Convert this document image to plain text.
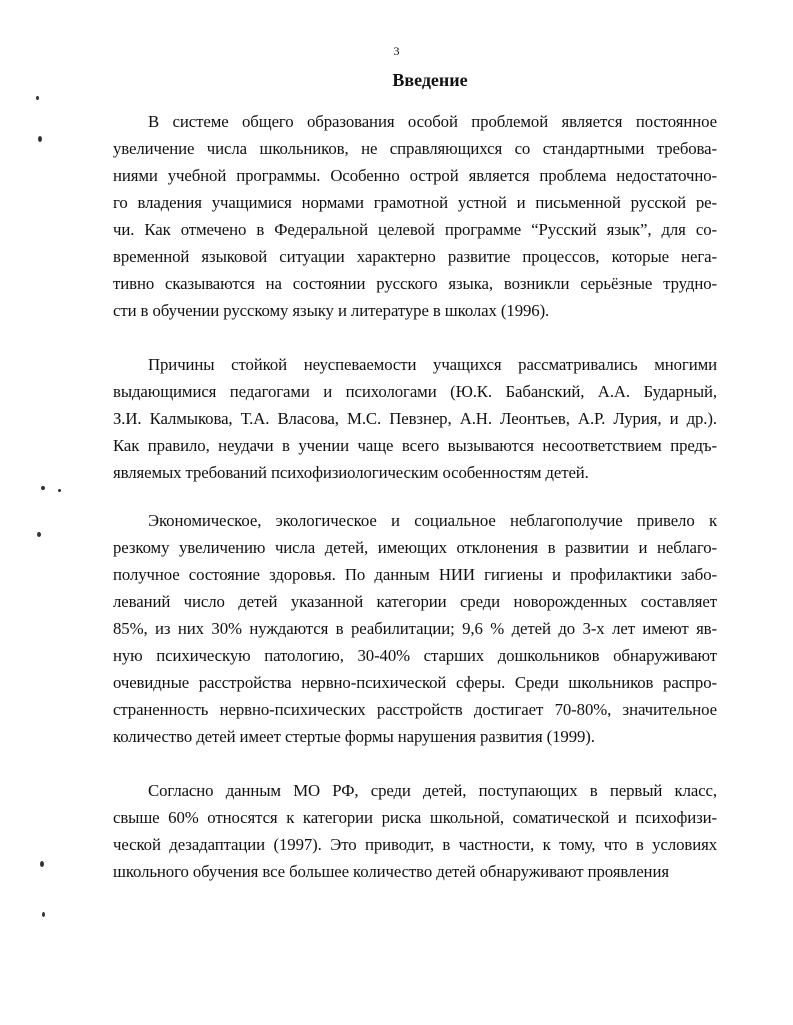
3
Введение
В системе общего образования особой проблемой является постоянное
увеличение числа школьников, не справляющихся со стандартными требова-
ниями учебной программы. Особенно острой является проблема недостаточно-
го владения учащимися нормами грамотной устной и письменной русской ре-
чи. Как отмечено в Федеральной целевой программе “Русский язык”, для со-
временной языковой ситуации характерно развитие процессов, которые нега-
тивно сказываются на состоянии русского языка, возникли серьёзные трудно-
сти в обучении русскому языку и литературе в школах (1996).
Причины стойкой неуспеваемости учащихся рассматривались многими
выдающимися педагогами и психологами (Ю.К. Бабанский, А.А. Бударный,
З.И. Калмыкова, Т.А. Власова, М.С. Певзнер, А.Н. Леонтьев, А.Р. Лурия, и др.).
Как правило, неудачи в учении чаще всего вызываются несоответствием предъ-
являемых требований психофизиологическим особенностям детей.
Экономическое, экологическое и социальное неблагополучие привело к
резкому увеличению числа детей, имеющих отклонения в развитии и неблаго-
получное состояние здоровья. По данным НИИ гигиены и профилактики забо-
леваний число детей указанной категории среди новорожденных составляет
85%, из них 30% нуждаются в реабилитации; 9,6 % детей до 3-х лет имеют яв-
ную психическую патологию, 30-40% старших дошкольников обнаруживают
очевидные расстройства нервно-психической сферы. Среди школьников распро-
страненность нервно-психических расстройств достигает 70-80%, значительное
количество детей имеет стертые формы нарушения развития (1999).
Согласно данным МО РФ, среди детей, поступающих в первый класс,
свыше 60% относятся к категории риска школьной, соматической и психофизи-
ческой дезадаптации (1997). Это приводит, в частности, к тому, что в условиях
школьного обучения все большее количество детей обнаруживают проявления
